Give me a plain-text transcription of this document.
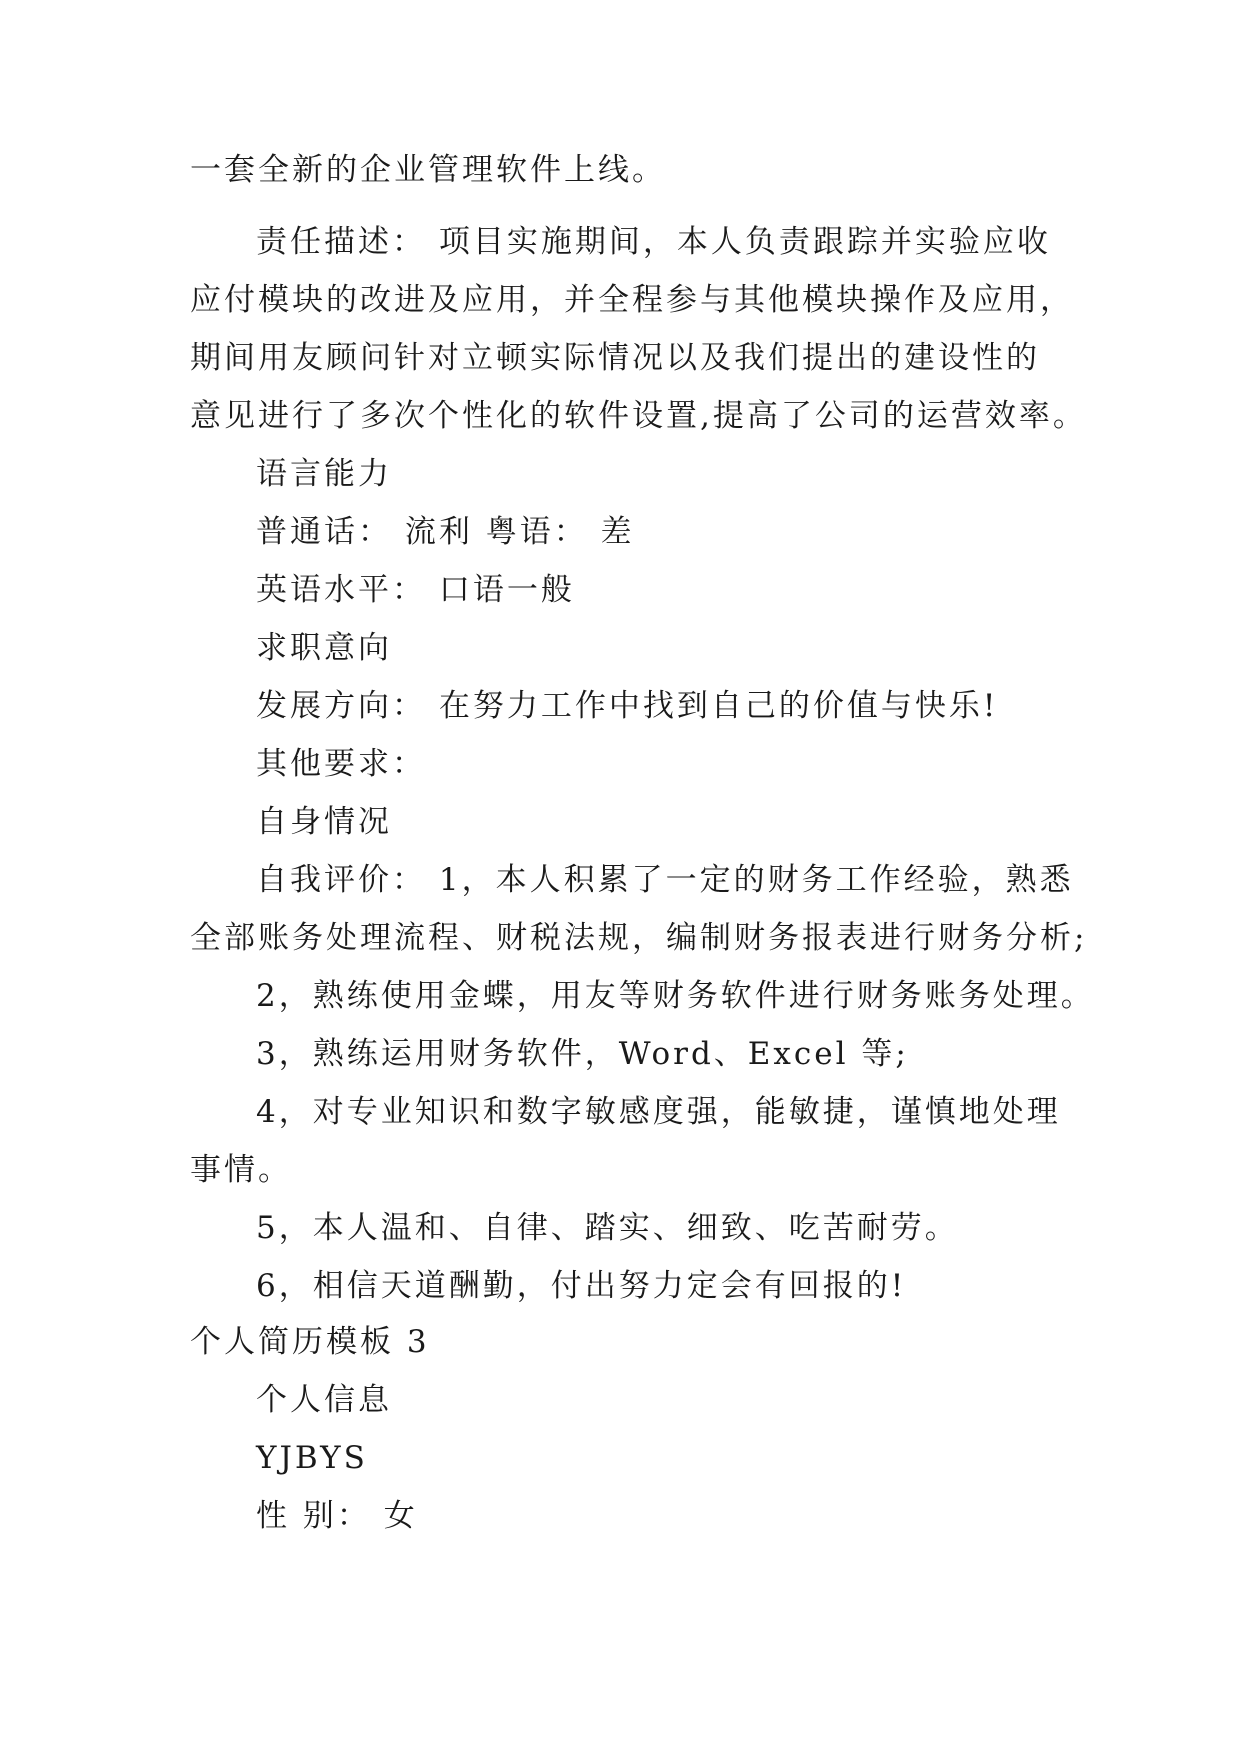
一套全新的企业管理软件上线。
责任描述： 项目实施期间，本人负责跟踪并实验应收
应付模块的改进及应用，并全程参与其他模块操作及应用，
期间用友顾问针对立顿实际情况以及我们提出的建设性的
意见进行了多次个性化的软件设置,提高了公司的运营效率。
语言能力
普通话： 流利 粤语： 差
英语水平： 口语一般
求职意向
发展方向： 在努力工作中找到自己的价值与快乐!
其他要求：
自身情况
自我评价： 1，本人积累了一定的财务工作经验，熟悉
全部账务处理流程、财税法规，编制财务报表进行财务分析;
2，熟练使用金蝶，用友等财务软件进行财务账务处理。
3，熟练运用财务软件，Word、Excel 等;
4，对专业知识和数字敏感度强，能敏捷，谨慎地处理
事情。
5，本人温和、自律、踏实、细致、吃苦耐劳。
6，相信天道酬勤，付出努力定会有回报的!
个人简历模板 3
个人信息
YJBYS
性 别： 女
